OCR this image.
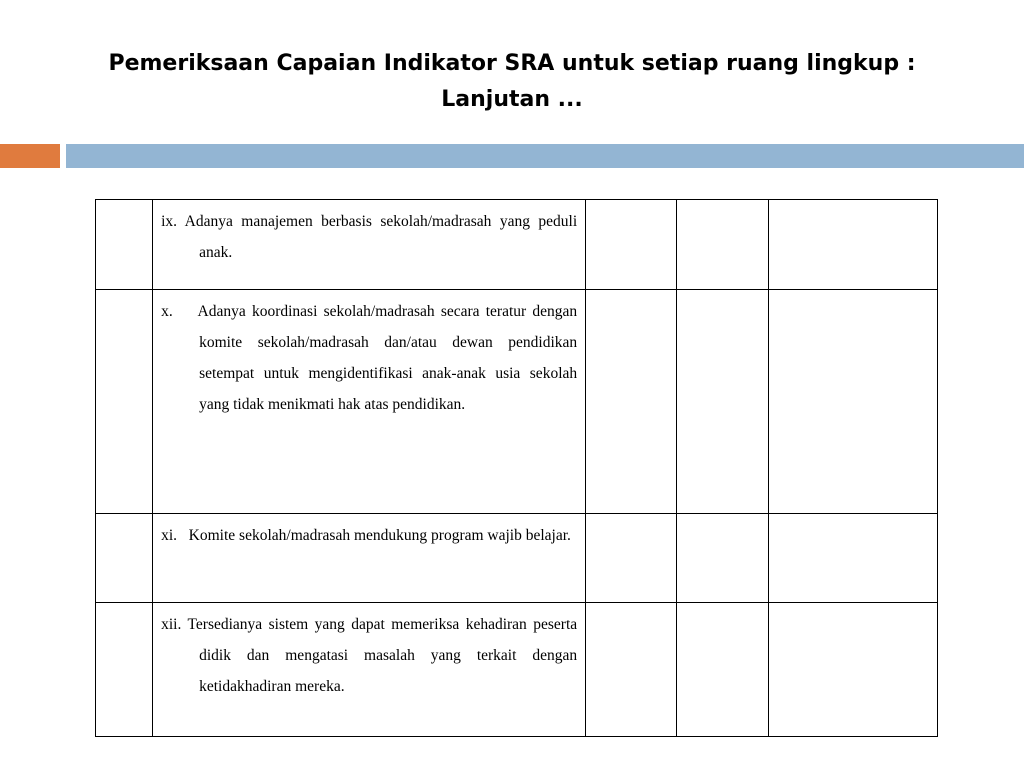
Pemeriksaan Capaian Indikator SRA untuk setiap ruang lingkup :
Lanjutan ...

	ix. Adanya manajemen berbasis sekolah/madrasah yang peduli anak.			

	x.    Adanya koordinasi sekolah/madrasah secara teratur dengan komite sekolah/madrasah dan/atau dewan pendidikan setempat untuk mengidentifikasi anak-anak usia sekolah yang tidak menikmati hak atas pendidikan.			

	xi.   Komite sekolah/madrasah mendukung program wajib belajar.			

	xii. Tersedianya sistem yang dapat memeriksa kehadiran peserta didik dan mengatasi masalah yang terkait dengan ketidakhadiran mereka.			
